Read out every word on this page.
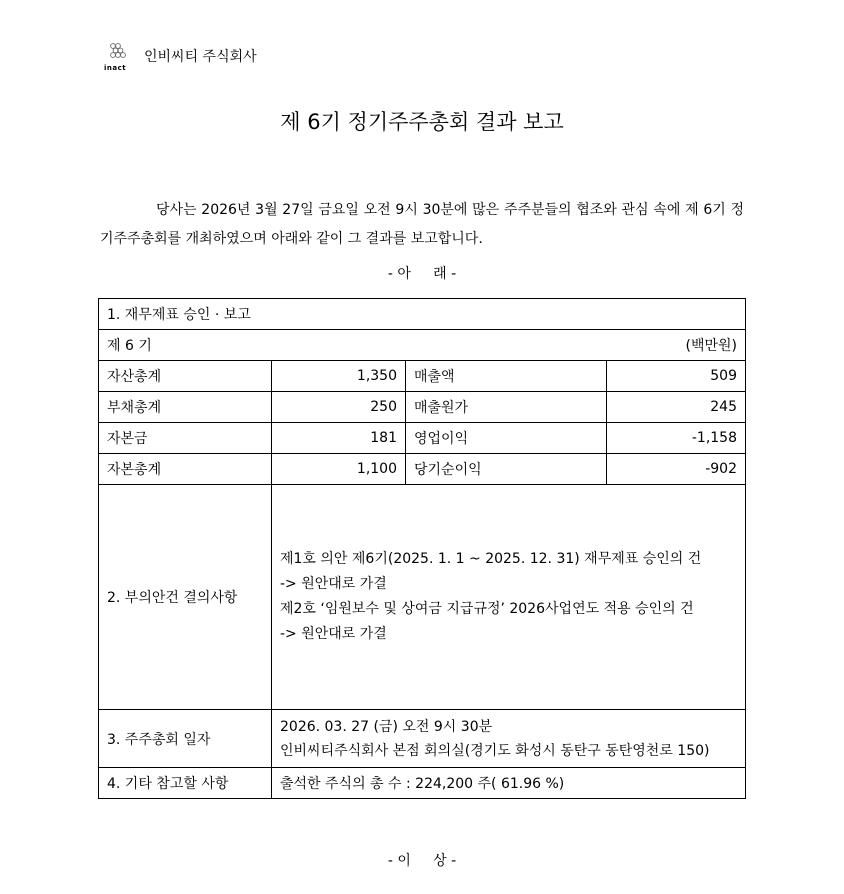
inact
인비씨티 주식회사
제 6기 정기주주총회 결과 보고
당사는 2026년 3월 27일 금요일 오전 9시 30분에 많은 주주분들의 협조와 관심 속에 제 6기 정기주주총회를 개최하였으며 아래와 같이 그 결과를 보고합니다.
- 아     래 -
1. 재무제표 승인 · 보고			
제 6 기 (백만원)			

자산총계	1,350	매출액	509
부채총계	250	매출원가	245
자본금	181	영업이익	-1,158
자본총계	1,100	당기순이익	-902
2. 부의안건 결의사항	제1호 의안 제6기(2025. 1. 1 ~ 2025. 12. 31) 재무제표 승인의 건
-> 원안대로 가결
제2호 ‘임원보수 및 상여금 지급규정’ 2026사업연도 적용 승인의 건
-> 원안대로 가결		

3. 주주총회 일자	2026. 03. 27 (금) 오전 9시 30분
인비씨티주식회사 본점 회의실(경기도 화성시 동탄구 동탄영천로 150)		

4. 기타 참고할 사항	출석한 주식의 총 수 : 224,200 주( 61.96 %)		
- 이     상 -
